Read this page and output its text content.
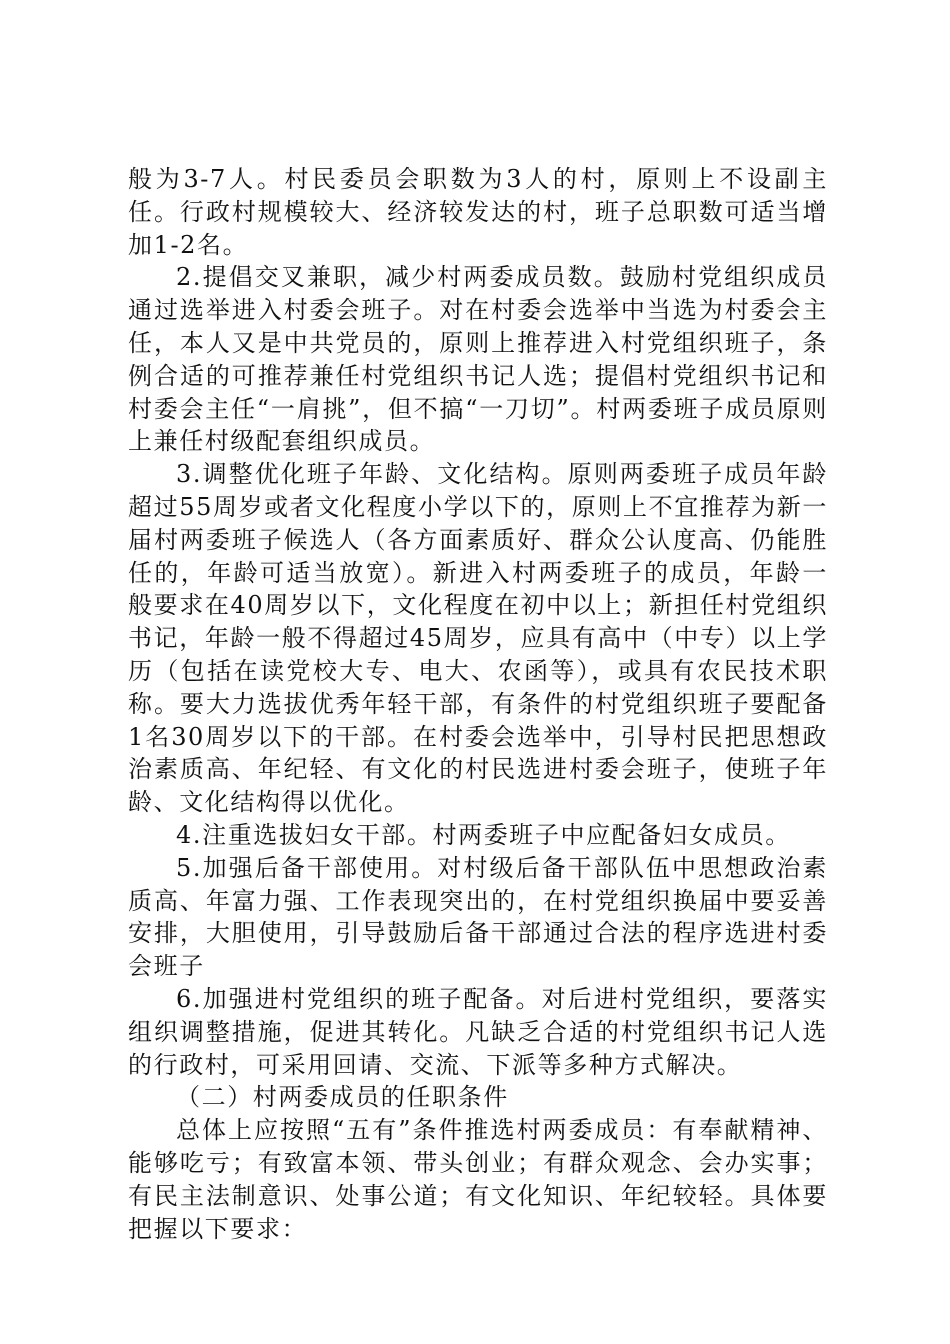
般为3-7人。村民委员会职数为3人的村，原则上不设副主任。行政村规模较大、经济较发达的村，班子总职数可适当增加1-2名。

2.提倡交叉兼职，减少村两委成员数。鼓励村党组织成员通过选举进入村委会班子。对在村委会选举中当选为村委会主任，本人又是中共党员的，原则上推荐进入村党组织班子，条例合适的可推荐兼任村党组织书记人选；提倡村党组织书记和村委会主任“一肩挑”，但不搞“一刀切”。村两委班子成员原则上兼任村级配套组织成员。

3.调整优化班子年龄、文化结构。原则两委班子成员年龄超过55周岁或者文化程度小学以下的，原则上不宜推荐为新一届村两委班子候选人（各方面素质好、群众公认度高、仍能胜任的，年龄可适当放宽）。新进入村两委班子的成员，年龄一般要求在40周岁以下，文化程度在初中以上；新担任村党组织书记，年龄一般不得超过45周岁，应具有高中（中专）以上学历（包括在读党校大专、电大、农函等），或具有农民技术职称。要大力选拔优秀年轻干部，有条件的村党组织班子要配备1名30周岁以下的干部。在村委会选举中，引导村民把思想政治素质高、年纪轻、有文化的村民选进村委会班子，使班子年龄、文化结构得以优化。

4.注重选拔妇女干部。村两委班子中应配备妇女成员。

5.加强后备干部使用。对村级后备干部队伍中思想政治素质高、年富力强、工作表现突出的，在村党组织换届中要妥善安排，大胆使用，引导鼓励后备干部通过合法的程序选进村委会班子

6.加强进村党组织的班子配备。对后进村党组织，要落实组织调整措施，促进其转化。凡缺乏合适的村党组织书记人选的行政村，可采用回请、交流、下派等多种方式解决。

（二）村两委成员的任职条件

总体上应按照“五有”条件推选村两委成员：有奉献精神、能够吃亏；有致富本领、带头创业；有群众观念、会办实事；有民主法制意识、处事公道；有文化知识、年纪较轻。具体要把握以下要求：
